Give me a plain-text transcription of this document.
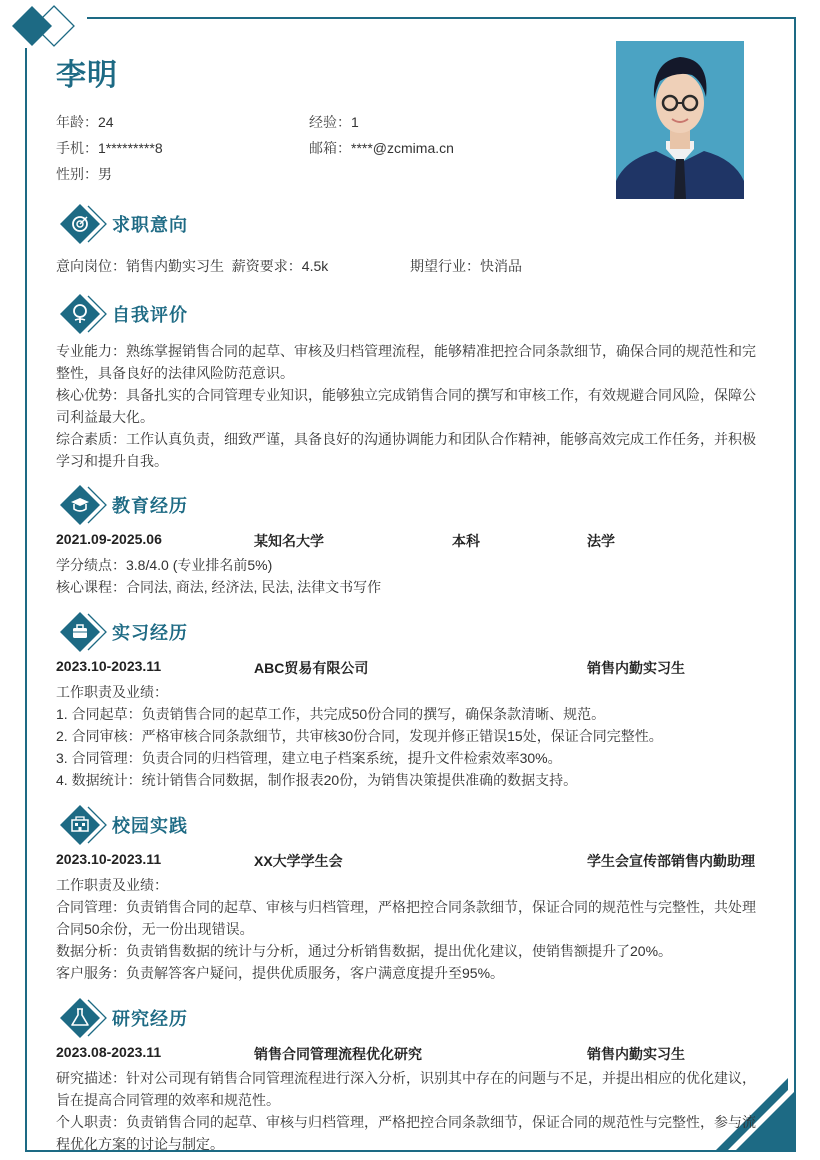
李明
年龄：24	经验：1
手机：1*********8	邮箱：****@zcmima.cn
性别：男
求职意向
意向岗位：销售内勤实习生  薪资要求：4.5k	期望行业：快消品
自我评价
专业能力：熟练掌握销售合同的起草、审核及归档管理流程，能够精准把控合同条款细节，确保合同的规范性和完整性，具备良好的法律风险防范意识。
核心优势：具备扎实的合同管理专业知识，能够独立完成销售合同的撰写和审核工作，有效规避合同风险，保障公司利益最大化。
综合素质：工作认真负责，细致严谨，具备良好的沟通协调能力和团队合作精神，能够高效完成工作任务，并积极学习和提升自我。
教育经历
2021.09-2025.06	某知名大学	本科	法学
学分绩点：3.8/4.0 (专业排名前5%)
核心课程：合同法, 商法, 经济法, 民法, 法律文书写作
实习经历
2023.10-2023.11	ABC贸易有限公司	销售内勤实习生
工作职责及业绩：
1. 合同起草：负责销售合同的起草工作，共完成50份合同的撰写，确保条款清晰、规范。
2. 合同审核：严格审核合同条款细节，共审核30份合同，发现并修正错误15处，保证合同完整性。
3. 合同管理：负责合同的归档管理，建立电子档案系统，提升文件检索效率30%。
4. 数据统计：统计销售合同数据，制作报表20份，为销售决策提供准确的数据支持。
校园实践
2023.10-2023.11	XX大学学生会	学生会宣传部销售内勤助理
工作职责及业绩：
合同管理：负责销售合同的起草、审核与归档管理，严格把控合同条款细节，保证合同的规范性与完整性，共处理合同50余份，无一份出现错误。
数据分析：负责销售数据的统计与分析，通过分析销售数据，提出优化建议，使销售额提升了20%。
客户服务：负责解答客户疑问，提供优质服务，客户满意度提升至95%。
研究经历
2023.08-2023.11	销售合同管理流程优化研究	销售内勤实习生
研究描述：针对公司现有销售合同管理流程进行深入分析，识别其中存在的问题与不足，并提出相应的优化建议，旨在提高合同管理的效率和规范性。
个人职责：负责销售合同的起草、审核与归档管理，严格把控合同条款细节，保证合同的规范性与完整性，参与流程优化方案的讨论与制定。
